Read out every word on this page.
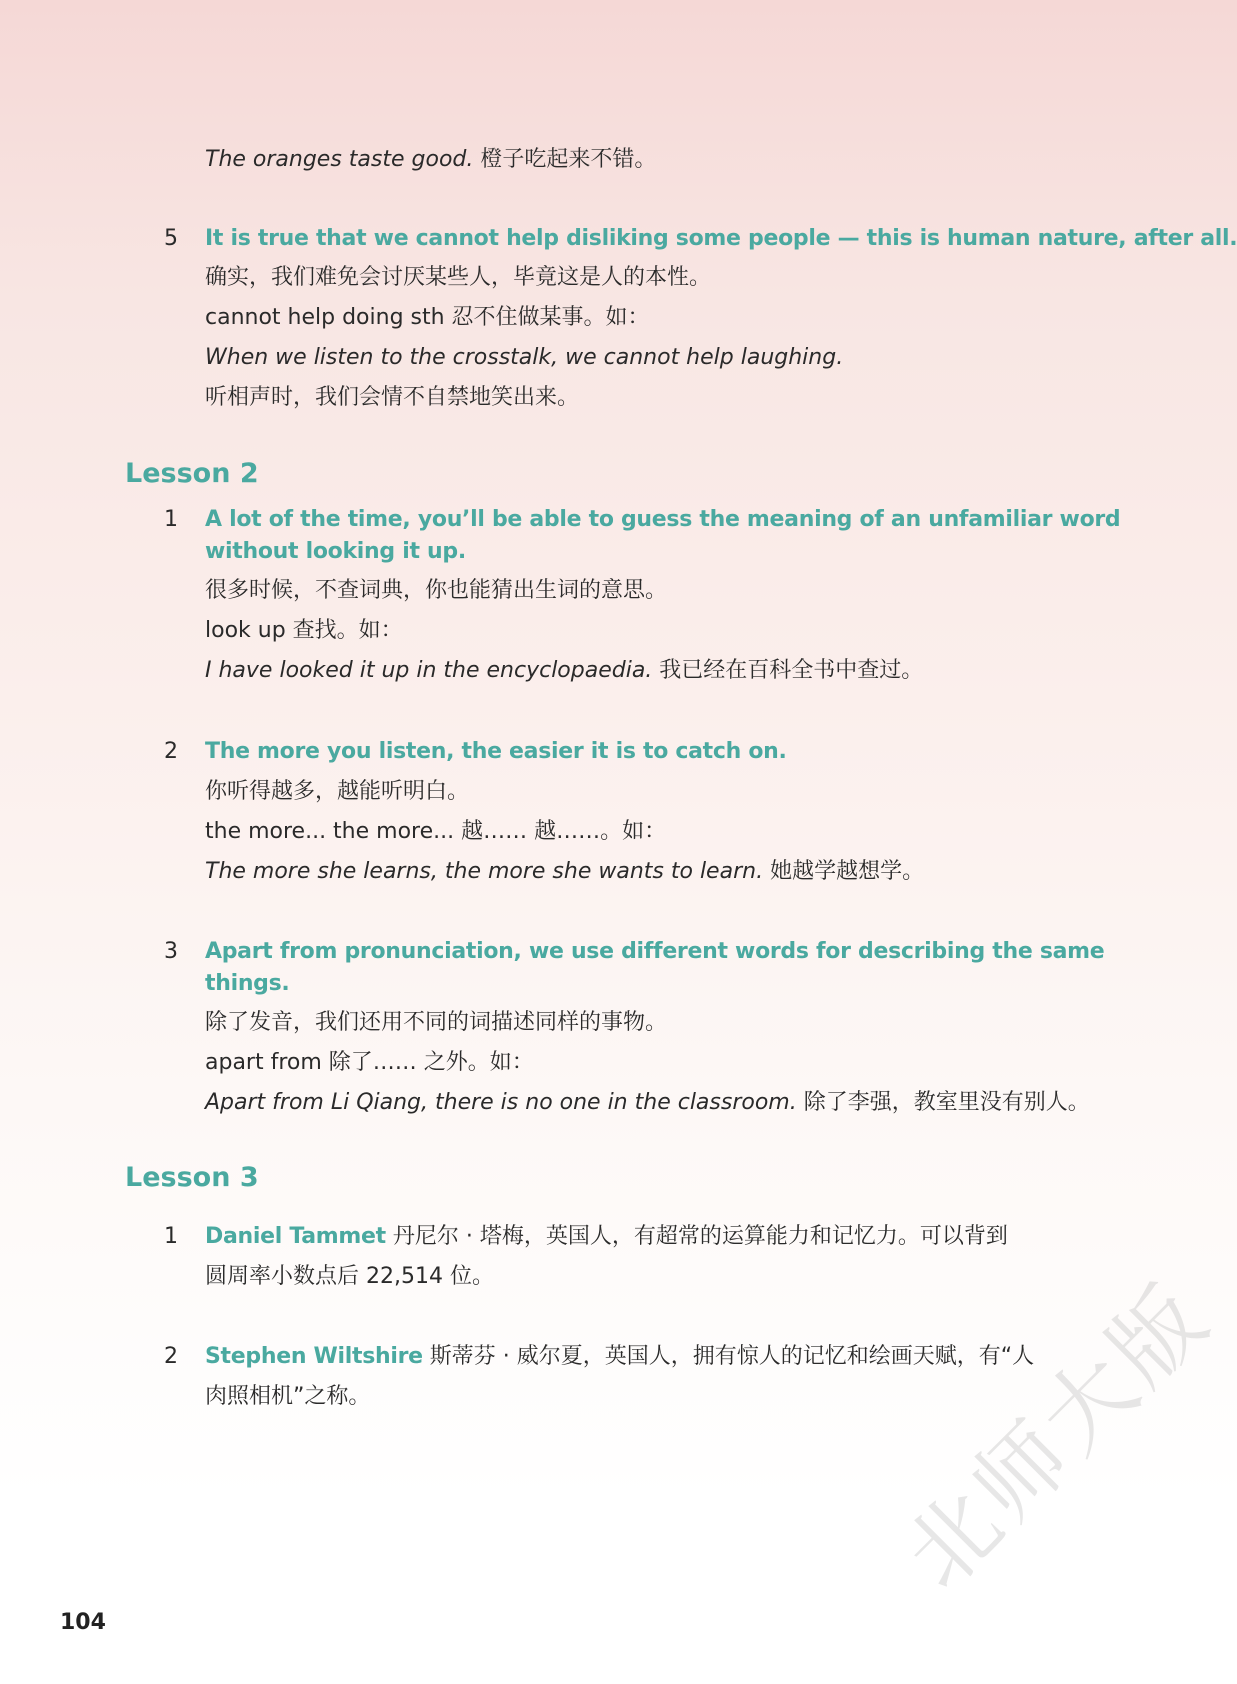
The oranges taste good. 橙子吃起来不错。
5 It is true that we cannot help disliking some people — this is human nature, after all.
确实，我们难免会讨厌某些人，毕竟这是人的本性。
cannot help doing sth 忍不住做某事。如：
When we listen to the crosstalk, we cannot help laughing.
听相声时，我们会情不自禁地笑出来。
Lesson 2
1 A lot of the time, you’ll be able to guess the meaning of an unfamiliar word
without looking it up.
很多时候，不查词典，你也能猜出生词的意思。
look up 查找。如：
I have looked it up in the encyclopaedia. 我已经在百科全书中查过。
2 The more you listen, the easier it is to catch on.
你听得越多，越能听明白。
the more... the more... 越…… 越……。如：
The more she learns, the more she wants to learn. 她越学越想学。
3 Apart from pronunciation, we use different words for describing the same
things.
除了发音，我们还用不同的词描述同样的事物。
apart from 除了…… 之外。如：
Apart from Li Qiang, there is no one in the classroom. 除了李强，教室里没有别人。
Lesson 3
1 Daniel Tammet 丹尼尔 · 塔梅，英国人，有超常的运算能力和记忆力。可以背到
圆周率小数点后 22,514 位。
2 Stephen Wiltshire 斯蒂芬 · 威尔夏，英国人，拥有惊人的记忆和绘画天赋，有“人
肉照相机”之称。
104
北师大版
